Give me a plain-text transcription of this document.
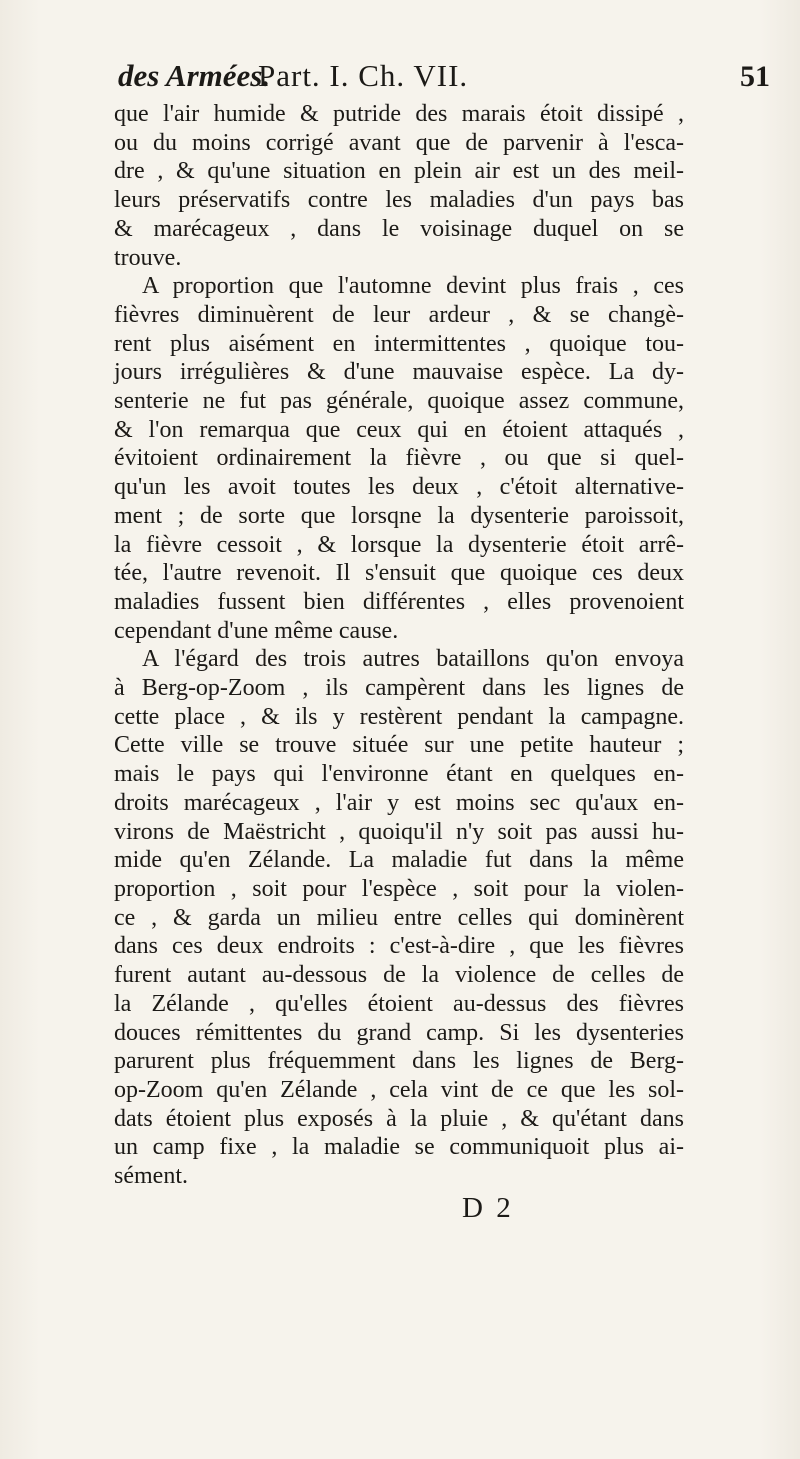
des Armées.
Part. I. Ch. VII.	51
que l'air humide & putride des marais étoit dissipé ,
ou du moins corrigé avant que de parvenir à l'esca-
dre , & qu'une situation en plein air est un des meil-
leurs préservatifs contre les maladies d'un pays bas
& marécageux , dans le voisinage duquel on se
trouve.
A proportion que l'automne devint plus frais , ces
fièvres diminuèrent de leur ardeur , & se changè-
rent plus aisément en intermittentes , quoique tou-
jours irrégulières & d'une mauvaise espèce. La dy-
senterie ne fut pas générale, quoique assez commune,
& l'on remarqua que ceux qui en étoient attaqués ,
évitoient ordinairement la fièvre , ou que si quel-
qu'un les avoit toutes les deux , c'étoit alternative-
ment ; de sorte que lorsqne la dysenterie paroissoit,
la fièvre cessoit , & lorsque la dysenterie étoit arrê-
tée, l'autre revenoit. Il s'ensuit que quoique ces deux
maladies fussent bien différentes , elles provenoient
cependant d'une même cause.
A l'égard des trois autres bataillons qu'on envoya
à Berg-op-Zoom , ils campèrent dans les lignes de
cette place , & ils y restèrent pendant la campagne.
Cette ville se trouve située sur une petite hauteur ;
mais le pays qui l'environne étant en quelques en-
droits marécageux , l'air y est moins sec qu'aux en-
virons de Maëstricht , quoiqu'il n'y soit pas aussi hu-
mide qu'en Zélande. La maladie fut dans la même
proportion , soit pour l'espèce , soit pour la violen-
ce , & garda un milieu entre celles qui dominèrent
dans ces deux endroits : c'est-à-dire , que les fièvres
furent autant au-dessous de la violence de celles de
la Zélande , qu'elles étoient au-dessus des fièvres
douces rémittentes du grand camp. Si les dysenteries
parurent plus fréquemment dans les lignes de Berg-
op-Zoom qu'en Zélande , cela vint de ce que les sol-
dats étoient plus exposés à la pluie , & qu'étant dans
un camp fixe , la maladie se communiquoit plus ai-
sément.
D 2
